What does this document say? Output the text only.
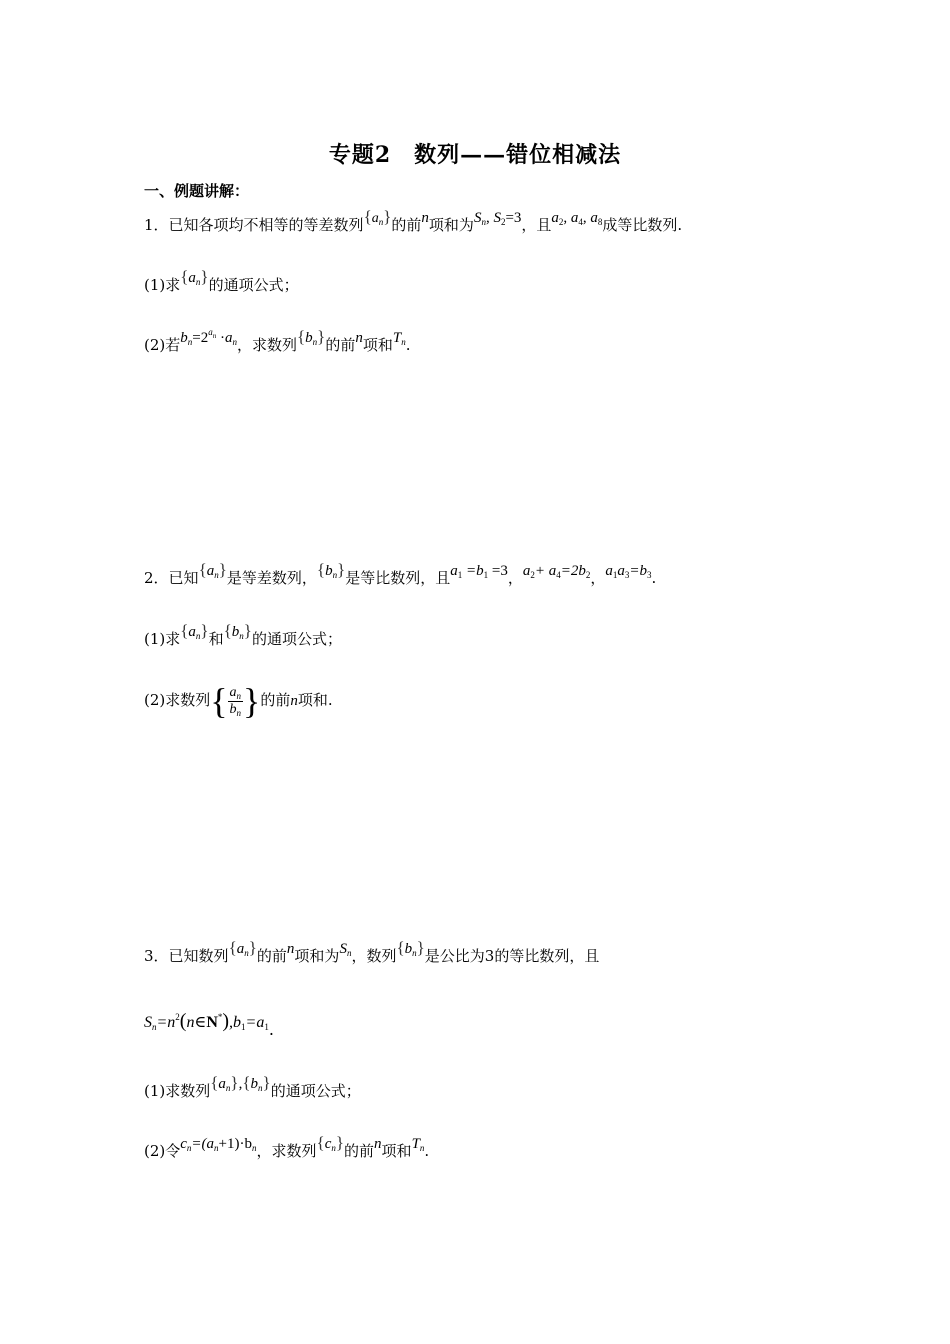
专题2　数列——错位相减法
一、例题讲解：
1．已知各项均不相等的等差数列$\{a_n\}$的前n项和为$S_n$, $S_2=3$，且$a_2$, $a_4$, $a_8$成等比数列.
(1)求$\{a_n\}$的通项公式；
(2)若$b_n=2^{a_n} \cdot a_n$，求数列$\{b_n\}$的前n项和$T_n$.
2．已知$\{a_n\}$是等差数列，$\{b_n\}$是等比数列，且$a_1 =b_1 =3$，$a_2+ a_4=2b_2$，$a_1a_3=b_3$.
(1)求$\{a_n\}$和$\{b_n\}$的通项公式；
(2)求数列{ $\frac{a_n}{b_n}$ }的前n项和.
3．已知数列$\{a_n\}$的前n项和为$S_n$，数列$\{b_n\}$是公比为3的等比数列，且
$S_n=n^2(n\in N^*),b_1=a_1$.
(1)求数列$\{a_n\},\{b_n\}$的通项公式；
(2)令$c_n=(a_n+1)\cdot b_n$，求数列$\{c_n\}$的前n项和$T_n$.
